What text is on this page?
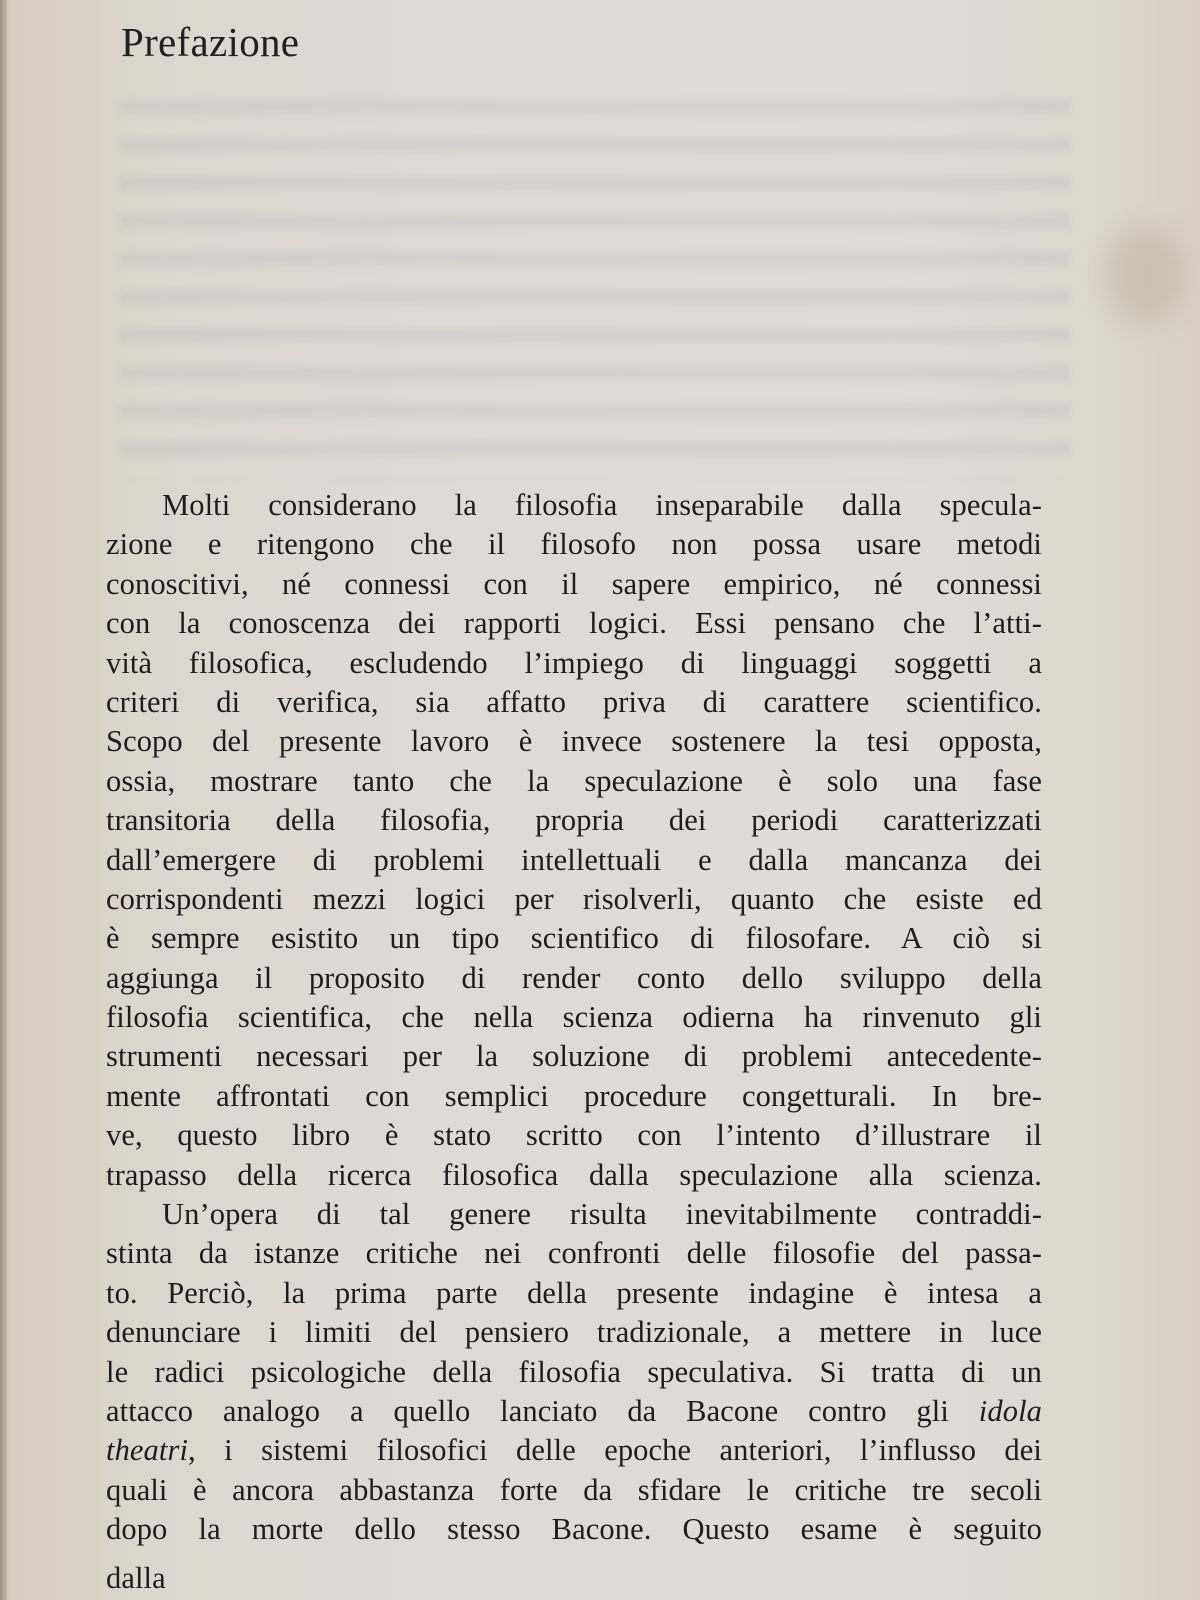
Prefazione
Molti considerano la filosofia inseparabile dalla specula-
zione e ritengono che il filosofo non possa usare metodi
conoscitivi, né connessi con il sapere empirico, né connessi
con la conoscenza dei rapporti logici. Essi pensano che l’atti-
vità filosofica, escludendo l’impiego di linguaggi soggetti a
criteri di verifica, sia affatto priva di carattere scientifico.
Scopo del presente lavoro è invece sostenere la tesi opposta,
ossia, mostrare tanto che la speculazione è solo una fase
transitoria della filosofia, propria dei periodi caratterizzati
dall’emergere di problemi intellettuali e dalla mancanza dei
corrispondenti mezzi logici per risolverli, quanto che esiste ed
è sempre esistito un tipo scientifico di filosofare. A ciò si
aggiunga il proposito di render conto dello sviluppo della
filosofia scientifica, che nella scienza odierna ha rinvenuto gli
strumenti necessari per la soluzione di problemi antecedente-
mente affrontati con semplici procedure congetturali. In bre-
ve, questo libro è stato scritto con l’intento d’illustrare il
trapasso della ricerca filosofica dalla speculazione alla scienza.
Un’opera di tal genere risulta inevitabilmente contraddi-
stinta da istanze critiche nei confronti delle filosofie del passa-
to. Perciò, la prima parte della presente indagine è intesa a
denunciare i limiti del pensiero tradizionale, a mettere in luce
le radici psicologiche della filosofia speculativa. Si tratta di un
attacco analogo a quello lanciato da Bacone contro gli idola
theatri, i sistemi filosofici delle epoche anteriori, l’influsso dei
quali è ancora abbastanza forte da sfidare le critiche tre secoli
dopo la morte dello stesso Bacone. Questo esame è seguito
dalla
